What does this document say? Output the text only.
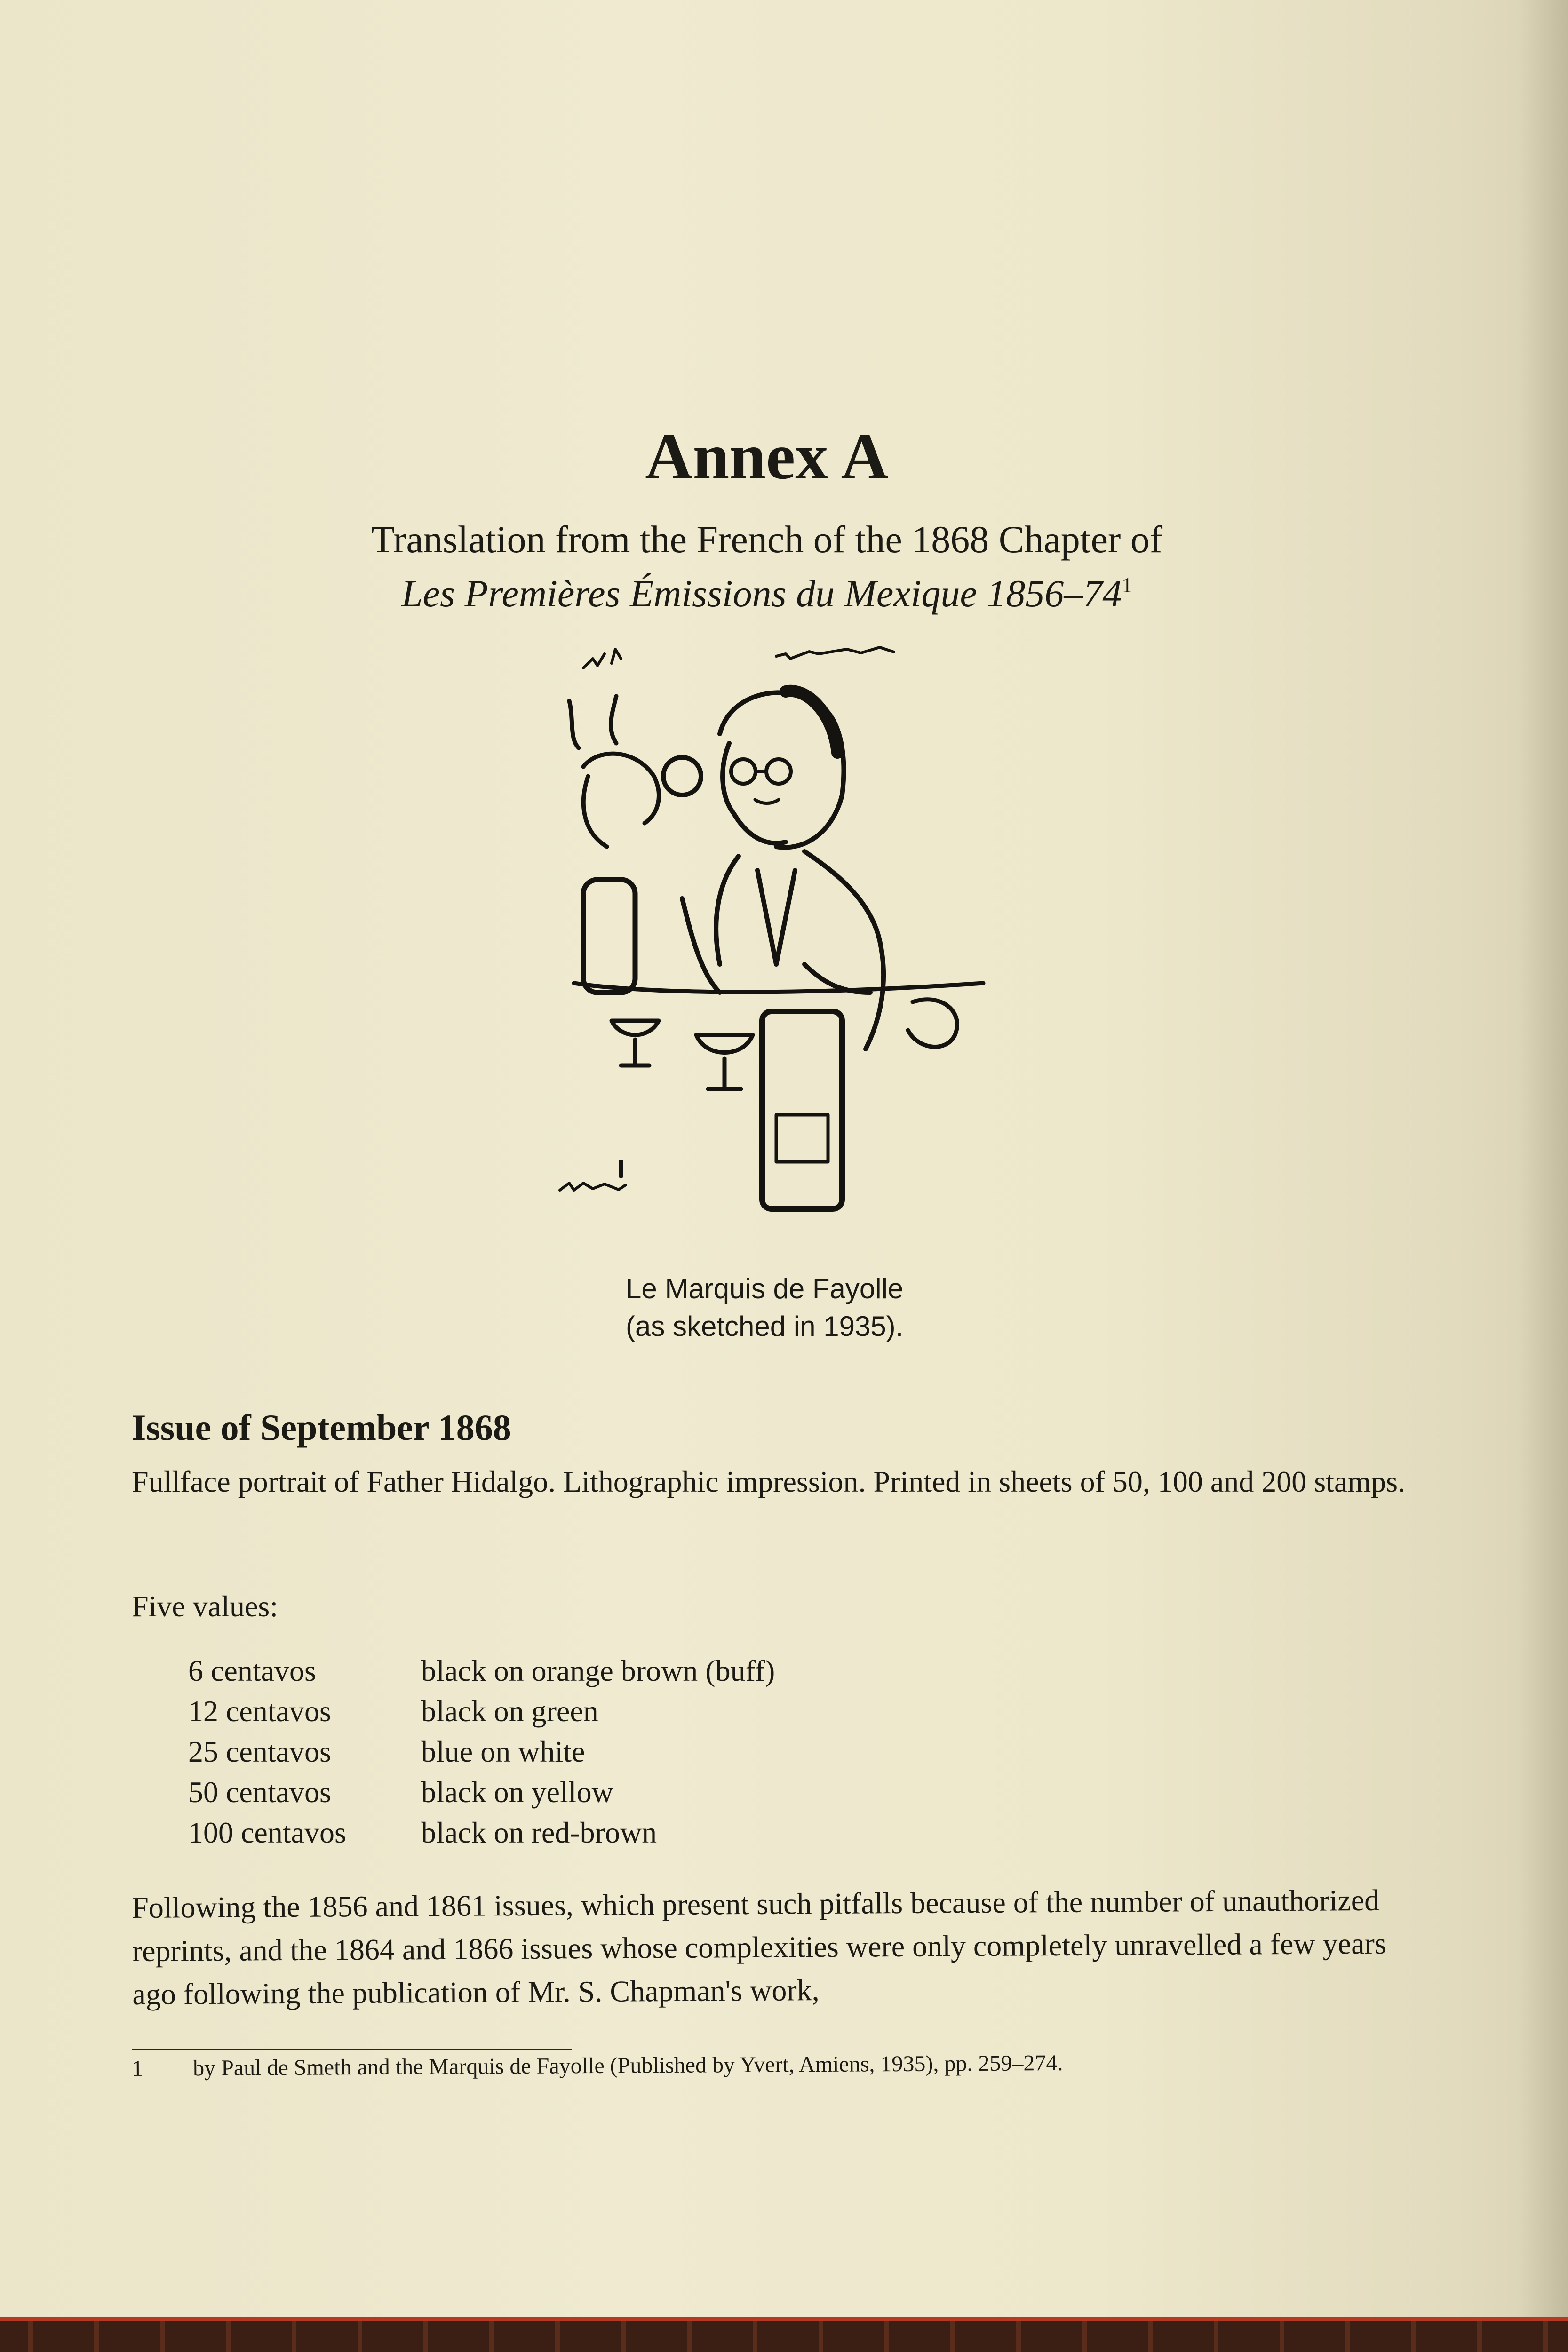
Annex A

Translation from the French of the 1868 Chapter of

Les Premières Émissions du Mexique $1856-74^1$

Le Marquis de Fayolle
(as sketched in 1935).

Issue of September 1868

Fullface portrait of Father Hidalgo. Lithographic impression. Printed in sheets of 50, 100 and 200 stamps.

Five values:

6 centavos	black on orange brown (buff)
12 centavos	black on green
25 centavos	blue on white
50 centavos	black on yellow
100 centavos	black on red-brown

Following the 1856 and 1861 issues, which present such pitfalls because of the number of unauthorized reprints, and the 1864 and 1866 issues whose complexities were only completely unravelled a few years ago following the publication of Mr. S. Chapman's work,

1 by Paul de Smeth and the Marquis de Fayolle (Published by Yvert, Amiens, 1935), pp. 259–274.
